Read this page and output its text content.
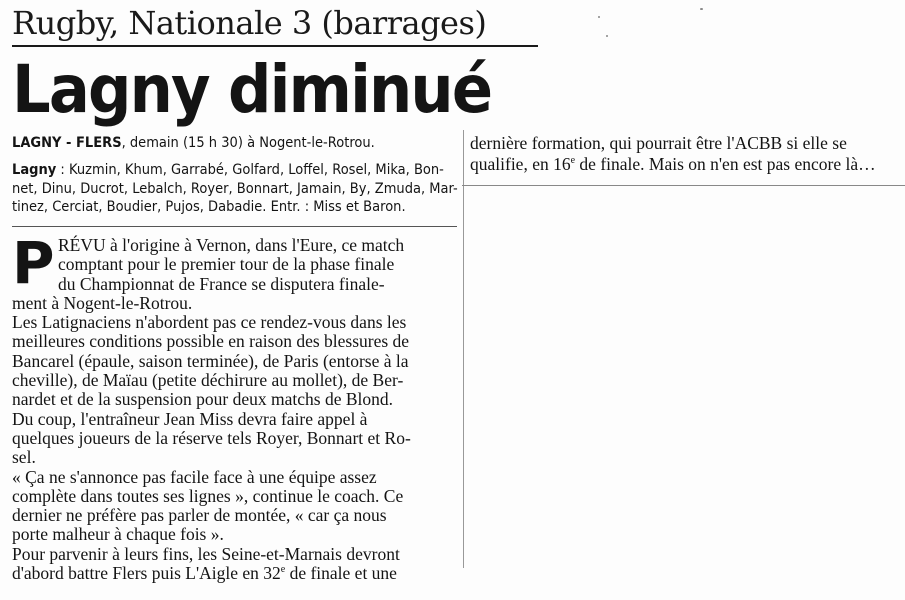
Rugby, Nationale 3 (barrages)
Lagny diminué
LAGNY - FLERS, demain (15 h 30) à Nogent-le-Rotrou.
Lagny : Kuzmin, Khum, Garrabé, Golfard, Loffel, Rosel, Mika, Bon-
net, Dinu, Ducrot, Lebalch, Royer, Bonnart, Jamain, By, Zmuda, Mar-
tinez, Cerciat, Boudier, Pujos, Dabadie. Entr. : Miss et Baron.
P RÉVU à l'origine à Vernon, dans l'Eure, ce match
comptant pour le premier tour de la phase finale
du Championnat de France se disputera finale-
ment à Nogent-le-Rotrou.
Les Latignaciens n'abordent pas ce rendez-vous dans les
meilleures conditions possible en raison des blessures de
Bancarel (épaule, saison terminée), de Paris (entorse à la
cheville), de Maïau (petite déchirure au mollet), de Ber-
nardet et de la suspension pour deux matchs de Blond.
Du coup, l'entraîneur Jean Miss devra faire appel à
quelques joueurs de la réserve tels Royer, Bonnart et Ro-
sel.
« Ça ne s'annonce pas facile face à une équipe assez
complète dans toutes ses lignes », continue le coach. Ce
dernier ne préfère pas parler de montée, « car ça nous
porte malheur à chaque fois ».
Pour parvenir à leurs fins, les Seine-et-Marnais devront
d'abord battre Flers puis L'Aigle en 32e de finale et une
dernière formation, qui pourrait être l'ACBB si elle se
qualifie, en 16e de finale. Mais on n'en est pas encore là…
